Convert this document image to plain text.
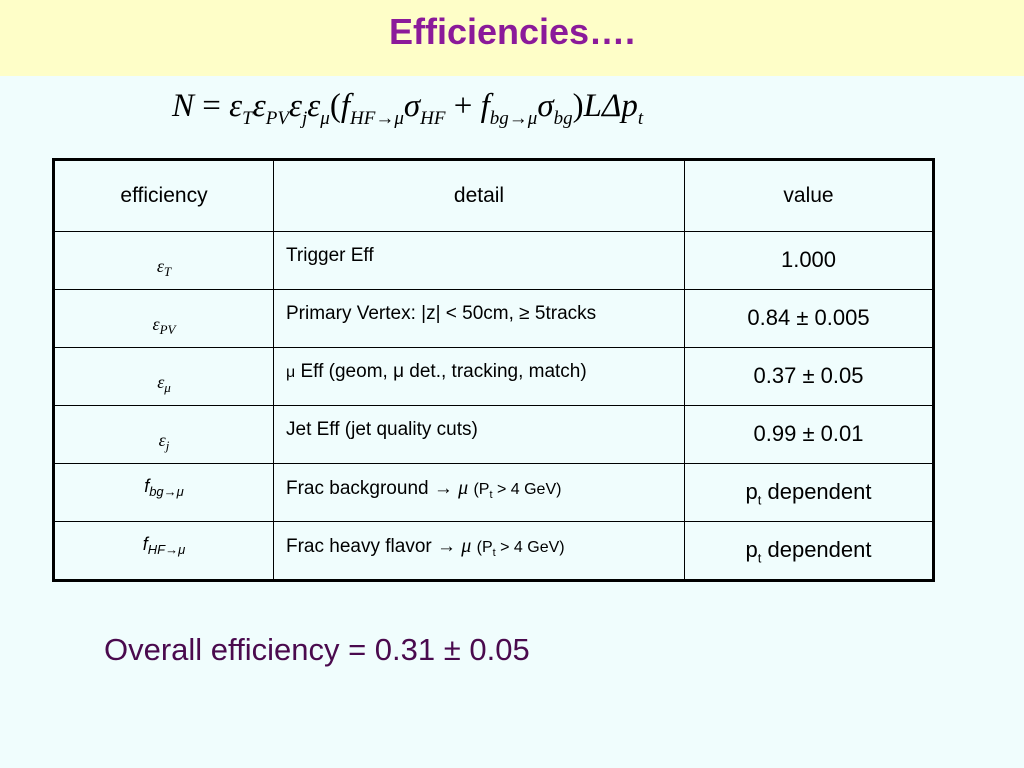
Efficiencies….
$N = \varepsilon_T\varepsilon_{PV}\varepsilon_j\varepsilon_\mu(f_{HF\to\mu}\sigma_{HF} + f_{bg\to\mu}\sigma_{bg})L\Delta p_t$
efficiency	detail	value

$\varepsilon_T$	Trigger Eff	1.000

$\varepsilon_{PV}$	Primary Vertex: |z| < 50cm, ≥ 5tracks	0.84 ± 0.005

$\varepsilon_\mu$	μ Eff (geom, μ det., tracking, match)	0.37 ± 0.05

$\varepsilon_j$	Jet Eff (jet quality cuts)	0.99 ± 0.01

$f_{bg\to\mu}$	Frac background → μ ($P_t > 4$ GeV)	$p_t$ dependent

$f_{HF\to\mu}$	Frac heavy flavor → μ ($P_t > 4$ GeV)	$p_t$ dependent

Overall efficiency = 0.31 ± 0.05
